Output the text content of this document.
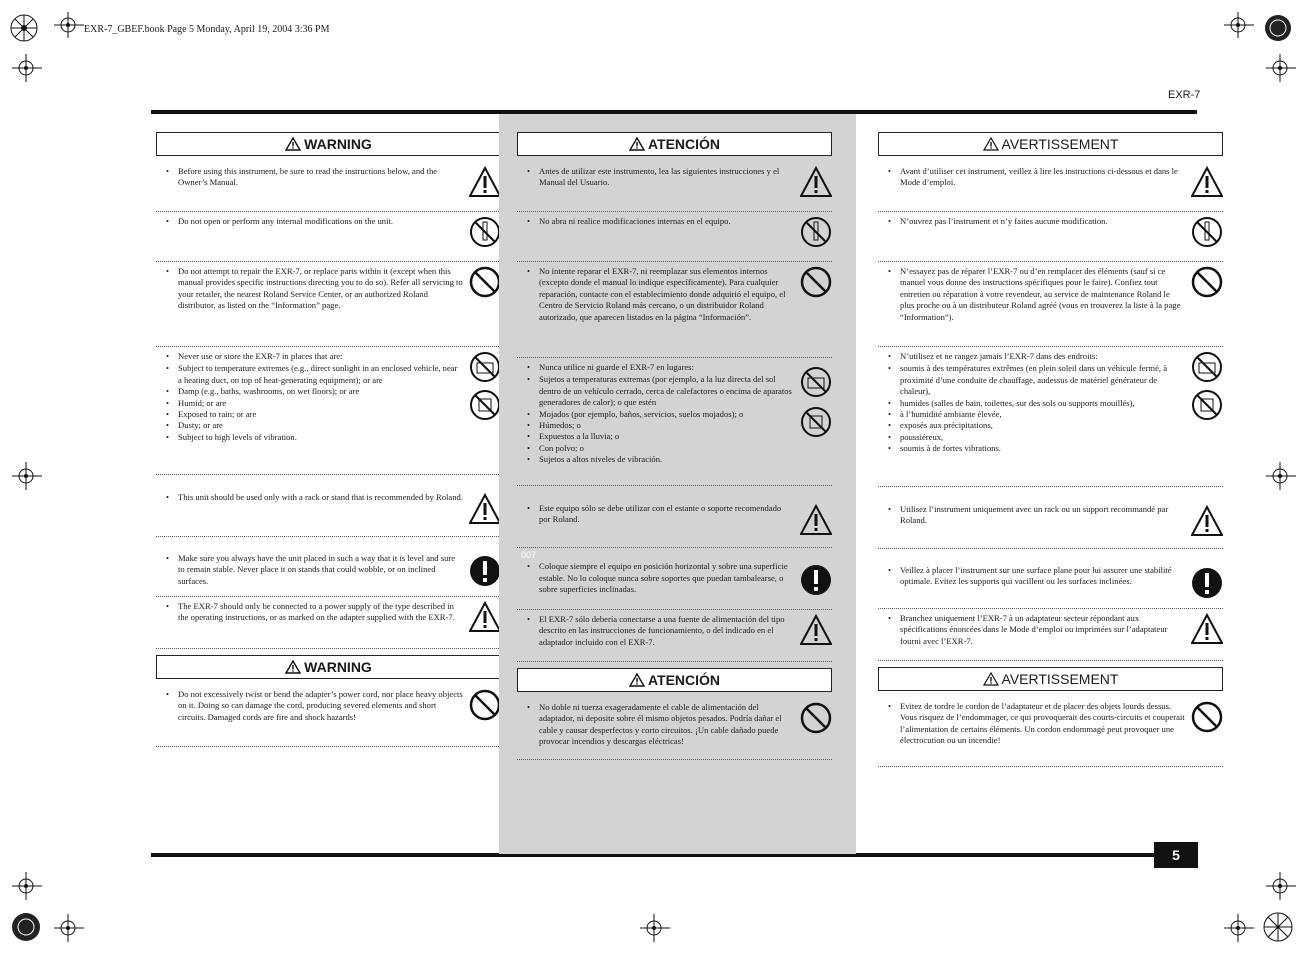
EXR-7_GBEF.book Page 5 Monday, April 19, 2004 3:36 PM
EXR-7
5
WARNING
• Before using this instrument, be sure to read the instructions below, and the Owner’s Manual.
• Do not open or perform any internal modifications on the unit.
• Do not attempt to repair the EXR-7, or replace parts within it (except when this manual provides specific instructions directing you to do so). Refer all servicing to your retailer, the nearest Roland Service Center, or an authorized Roland distributor, as listed on the “Information” page.
• Never use or store the EXR-7 in places that are:
• Subject to temperature extremes (e.g., direct sunlight in an enclosed vehicle, near a heating duct, on top of heat-generating equipment); or are
• Damp (e.g., baths, washrooms, on wet floors); or are
• Humid; or are
• Exposed to rain; or are
• Dusty; or are
• Subject to high levels of vibration.
• This unit should be used only with a rack or stand that is recommended by Roland.
• Make sure you always have the unit placed in such a way that it is level and sure to remain stable. Never place it on stands that could wobble, or on inclined surfaces.
• The EXR-7 should only be connected to a power supply of the type described in the operating instructions, or as marked on the adapter supplied with the EXR-7.
WARNING
• Do not excessively twist or bend the adapter’s power cord, nor place heavy objects on it. Doing so can damage the cord, producing severed elements and short circuits. Damaged cords are fire and shock hazards!
ATENCIÓN
• Antes de utilizar este instrumento, lea las siguientes instrucciones y el Manual del Usuario.
• No abra ni realice modificaciones internas en el equipo.
• No intente reparar el EXR-7, ni reemplazar sus elementos internos (excepto donde el manual lo indique específicamente). Para cualquier reparación, contacte con el establecimiento donde adquirió el equipo, el Centro de Servicio Roland más cercano, o un distribuidor Roland autorizado, que aparecen listados en la página “Información”.
• Nunca utilice ni guarde el EXR-7 en lugares:
• Sujetos a temperaturas extremas (por ejemplo, a la luz directa del sol dentro de un vehículo cerrado, cerca de calefactores o encima de aparatos generadores de calor); o que estén
• Mojados (por ejemplo, baños, servicios, suelos mojados); o
• Húmedos; o
• Expuestos a la lluvia; o
• Con polvo; o
• Sujetos a altos niveles de vibración.
• Este equipo sólo se debe utilizar con el estante o soporte recomendado por Roland.
007
• Coloque siempre el equipo en posición horizontal y sobre una superficie estable. No lo coloque nunca sobre soportes que puedan tambalearse, o sobre superficies inclinadas.
• El EXR-7 sólo debería conectarse a una fuente de alimentación del tipo descrito en las instrucciones de funcionamiento, o del indicado en el adaptador incluido con el EXR-7.
ATENCIÓN
• No doble ni tuerza exageradamente el cable de alimentación del adaptador, ni deposite sobre él mismo objetos pesados. Podría dañar el cable y causar desperfectos y corto circuitos. ¡Un cable dañado puede provocar incendios y descargas eléctricas!
AVERTISSEMENT
• Avant d’utiliser cet instrument, veillez à lire les instructions ci-dessous et dans le Mode d’emploi.
• N’ouvrez pas l’instrument et n’y faites aucune modification.
• N’essayez pas de réparer l’EXR-7 ou d’en remplacer des éléments (sauf si ce manuel vous donne des instructions spécifiques pour le faire). Confiez tout entretien ou réparation à votre revendeur, au service de maintenance Roland le plus proche ou à un distributeur Roland agréé (vous en trouverez la liste à la page “Information”).
• N’utilisez et ne rangez jamais l’EXR-7 dans des endroits:
• soumis à des températures extrêmes (en plein soleil dans un véhicule fermé, à proximité d’une conduite de chauffage, audessus de matériel générateur de chaleur),
• humides (salles de bain, toilettes, sur des sols ou supports mouillés),
• à l’humidité ambiante élevée,
• exposés aux précipitations,
• poussiéreux,
• soumis à de fortes vibrations.
• Utilisez l’instrument uniquement avec un rack ou un support recommandé par Roland.
• Veillez à placer l’instrument sur une surface plane pour lui assurer une stabilité optimale. Evitez les supports qui vacillent ou les surfaces inclinées.
• Branchez uniquement l’EXR-7 à un adaptateur secteur répondant aux spécifications énoncées dans le Mode d’emploi ou imprimées sur l’adaptateur fourni avec l’EXR-7.
AVERTISSEMENT
• Evitez de tordre le cordon de l’adaptateur et de placer des objets lourds dessus. Vous risquez de l’endommager, ce qui provoquerait des courts-circuits et couperait l’alimentation de certains éléments. Un cordon endommagé peut provoquer une électrocution ou un incendie!
